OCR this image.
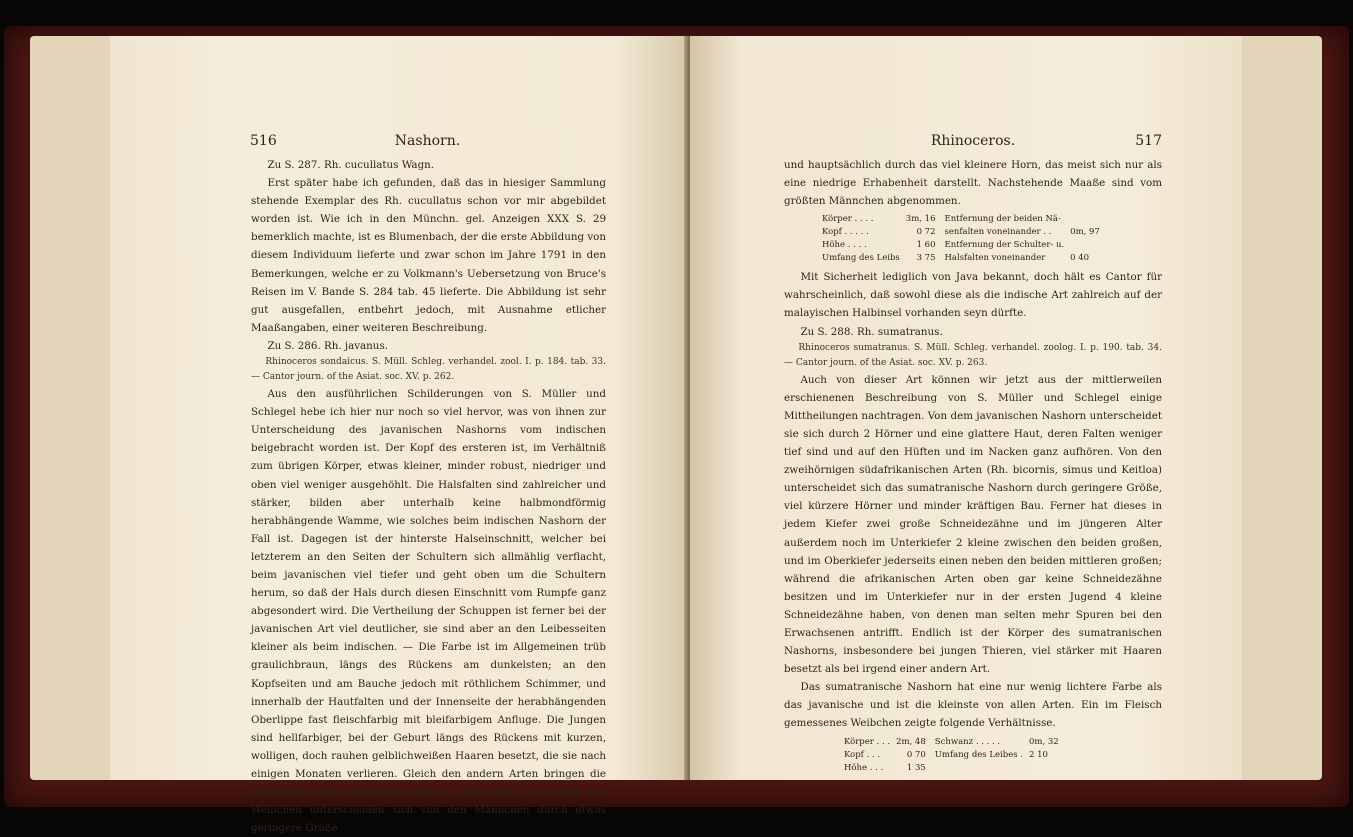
516	Nashorn.

Zu S. 287. Rh. cucullatus Wagn.

Erst später habe ich gefunden, daß das in hiesiger Sammlung stehende Exemplar des Rh. cucullatus schon vor mir abgebildet worden ist. Wie ich in den Münchn. gel. Anzeigen XXX S. 29 bemerklich machte, ist es Blumenbach, der die erste Abbildung von diesem Individuum lieferte und zwar schon im Jahre 1791 in den Bemerkungen, welche er zu Volkmann's Uebersetzung von Bruce's Reisen im V. Bande S. 284 tab. 45 lieferte. Die Abbildung ist sehr gut ausgefallen, entbehrt jedoch, mit Ausnahme etlicher Maaßangaben, einer weiteren Beschreibung.

Zu S. 286. Rh. javanus.

Rhinoceros sondaicus. S. Müll. Schleg. verhandel. zool. I. p. 184. tab. 33. — Cantor journ. of the Asiat. soc. XV. p. 262.

Aus den ausführlichen Schilderungen von S. Müller und Schlegel hebe ich hier nur noch so viel hervor, was von ihnen zur Unterscheidung des javanischen Nashorns vom indischen beigebracht worden ist. Der Kopf des ersteren ist, im Verhältniß zum übrigen Körper, etwas kleiner, minder robust, niedriger und oben viel weniger ausgehöhlt. Die Halsfalten sind zahlreicher und stärker, bilden aber unterhalb keine halbmondförmig herabhängende Wamme, wie solches beim indischen Nashorn der Fall ist. Dagegen ist der hinterste Halseinschnitt, welcher bei letzterem an den Seiten der Schultern sich allmählig verflacht, beim javanischen viel tiefer und geht oben um die Schultern herum, so daß der Hals durch diesen Einschnitt vom Rumpfe ganz abgesondert wird. Die Vertheilung der Schuppen ist ferner bei der javanischen Art viel deutlicher, sie sind aber an den Leibesseiten kleiner als beim indischen. — Die Farbe ist im Allgemeinen trüb graulichbraun, längs des Rückens am dunkelsten; an den Kopfseiten und am Bauche jedoch mit röthlichem Schimmer, und innerhalb der Hautfalten und der Innenseite der herabhängenden Oberlippe fast fleischfarbig mit bleifarbigem Anfluge. Die Jungen sind hellfarbiger, bei der Geburt längs des Rückens mit kurzen, wolligen, doch rauhen gelblichweißen Haaren besetzt, die sie nach einigen Monaten verlieren. Gleich den andern Arten bringen die Jungen die eigenthümlichen Hautfalten schon mit auf die Welt. Die Weibchen unterscheiden sich von den Männchen durch etwas geringere Größe

Rhinoceros.	517

und hauptsächlich durch das viel kleinere Horn, das meist sich nur als eine niedrige Erhabenheit darstellt. Nachstehende Maaße sind vom größten Männchen abgenommen.

Körper . . . .	3m, 16	Entfernung der beiden Nä-	
Kopf . . . . .	0 72	senfalten voneinander . .	0m, 97
Höhe . . . .	1 60	Entfernung der Schulter- u.	
Umfang des Leibs	3 75	Halsfalten voneinander	0 40

Mit Sicherheit lediglich von Java bekannt, doch hält es Cantor für wahrscheinlich, daß sowohl diese als die indische Art zahlreich auf der malayischen Halbinsel vorhanden seyn dürfte.

Zu S. 288. Rh. sumatranus.

Rhinoceros sumatranus. S. Müll. Schleg. verhandel. zoolog. I. p. 190. tab. 34. — Cantor journ. of the Asiat. soc. XV. p. 263.

Auch von dieser Art können wir jetzt aus der mittlerweilen erschienenen Beschreibung von S. Müller und Schlegel einige Mittheilungen nachtragen. Von dem javanischen Nashorn unterscheidet sie sich durch 2 Hörner und eine glattere Haut, deren Falten weniger tief sind und auf den Hüften und im Nacken ganz aufhören. Von den zweihörnigen südafrikanischen Arten (Rh. bicornis, simus und Keitloa) unterscheidet sich das sumatranische Nashorn durch geringere Größe, viel kürzere Hörner und minder kräftigen Bau. Ferner hat dieses in jedem Kiefer zwei große Schneidezähne und im jüngeren Alter außerdem noch im Unterkiefer 2 kleine zwischen den beiden großen, und im Oberkiefer jederseits einen neben den beiden mittleren großen; während die afrikanischen Arten oben gar keine Schneidezähne besitzen und im Unterkiefer nur in der ersten Jugend 4 kleine Schneidezähne haben, von denen man selten mehr Spuren bei den Erwachsenen antrifft. Endlich ist der Körper des sumatranischen Nashorns, insbesondere bei jungen Thieren, viel stärker mit Haaren besetzt als bei irgend einer andern Art.

Das sumatranische Nashorn hat eine nur wenig lichtere Farbe als das javanische und ist die kleinste von allen Arten. Ein im Fleisch gemessenes Weibchen zeigte folgende Verhältnisse.

Körper . . .	2m, 48	Schwanz . . . . .	0m, 32
Kopf . . .	0 70	Umfang des Leibes .	2 10
Höhe . . .	1 35		
